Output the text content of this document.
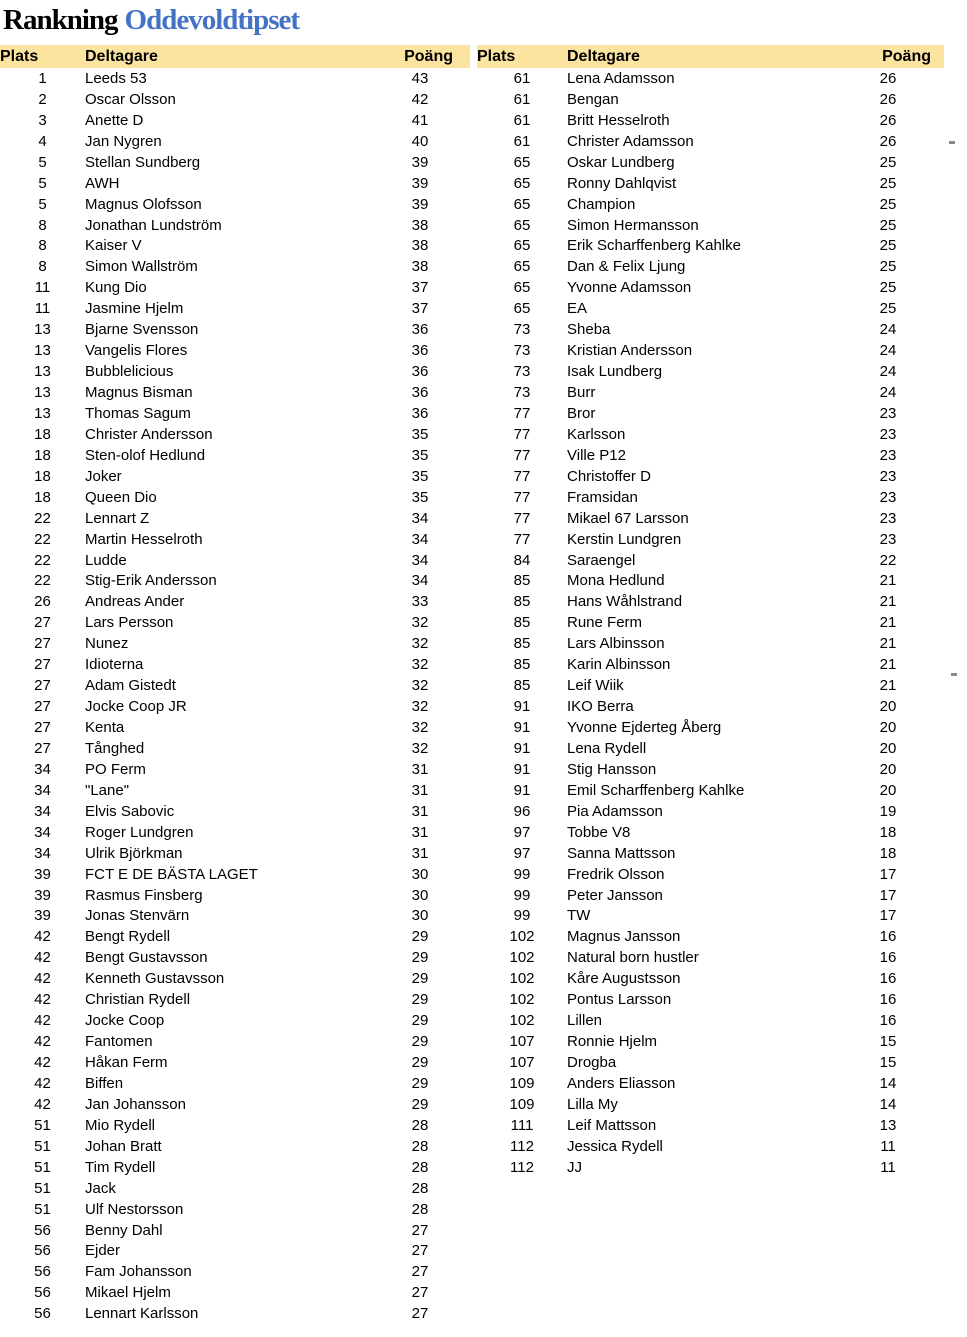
Rankning Oddevoldtipset
Plats	Deltagare	Poäng
1	Leeds 53	43
2	Oscar Olsson	42
3	Anette D	41
4	Jan Nygren	40
5	Stellan Sundberg	39
5	AWH	39
5	Magnus Olofsson	39
8	Jonathan Lundström	38
8	Kaiser V	38
8	Simon Wallström	38
11	Kung Dio	37
11	Jasmine Hjelm	37
13	Bjarne Svensson	36
13	Vangelis Flores	36
13	Bubblelicious	36
13	Magnus Bisman	36
13	Thomas Sagum	36
18	Christer Andersson	35
18	Sten-olof Hedlund	35
18	Joker	35
18	Queen Dio	35
22	Lennart Z	34
22	Martin Hesselroth	34
22	Ludde	34
22	Stig-Erik Andersson	34
26	Andreas Ander	33
27	Lars Persson	32
27	Nunez	32
27	Idioterna	32
27	Adam Gistedt	32
27	Jocke Coop JR	32
27	Kenta	32
27	Tånghed	32
34	PO Ferm	31
34	"Lane"	31
34	Elvis Sabovic	31
34	Roger Lundgren	31
34	Ulrik Björkman	31
39	FCT E DE BÄSTA LAGET	30
39	Rasmus Finsberg	30
39	Jonas Stenvärn	30
42	Bengt Rydell	29
42	Bengt Gustavsson	29
42	Kenneth Gustavsson	29
42	Christian Rydell	29
42	Jocke Coop	29
42	Fantomen	29
42	Håkan Ferm	29
42	Biffen	29
42	Jan Johansson	29
51	Mio Rydell	28
51	Johan Bratt	28
51	Tim Rydell	28
51	Jack	28
51	Ulf Nestorsson	28
56	Benny Dahl	27
56	Ejder	27
56	Fam Johansson	27
56	Mikael Hjelm	27
56	Lennart Karlsson	27
Plats	Deltagare	Poäng
61	Lena Adamsson	26
61	Bengan	26
61	Britt Hesselroth	26
61	Christer Adamsson	26
65	Oskar Lundberg	25
65	Ronny Dahlqvist	25
65	Champion	25
65	Simon Hermansson	25
65	Erik Scharffenberg Kahlke	25
65	Dan & Felix Ljung	25
65	Yvonne Adamsson	25
65	EA	25
73	Sheba	24
73	Kristian Andersson	24
73	Isak Lundberg	24
73	Burr	24
77	Bror	23
77	Karlsson	23
77	Ville P12	23
77	Christoffer D	23
77	Framsidan	23
77	Mikael 67 Larsson	23
77	Kerstin Lundgren	23
84	Saraengel	22
85	Mona Hedlund	21
85	Hans Wåhlstrand	21
85	Rune Ferm	21
85	Lars Albinsson	21
85	Karin Albinsson	21
85	Leif Wiik	21
91	IKO Berra	20
91	Yvonne Ejderteg Åberg	20
91	Lena Rydell	20
91	Stig Hansson	20
91	Emil Scharffenberg Kahlke	20
96	Pia Adamsson	19
97	Tobbe V8	18
97	Sanna Mattsson	18
99	Fredrik Olsson	17
99	Peter Jansson	17
99	TW	17
102	Magnus Jansson	16
102	Natural born hustler	16
102	Kåre Augustsson	16
102	Pontus Larsson	16
102	Lillen	16
107	Ronnie Hjelm	15
107	Drogba	15
109	Anders Eliasson	14
109	Lilla My	14
111	Leif Mattsson	13
112	Jessica Rydell	11
112	JJ	11
